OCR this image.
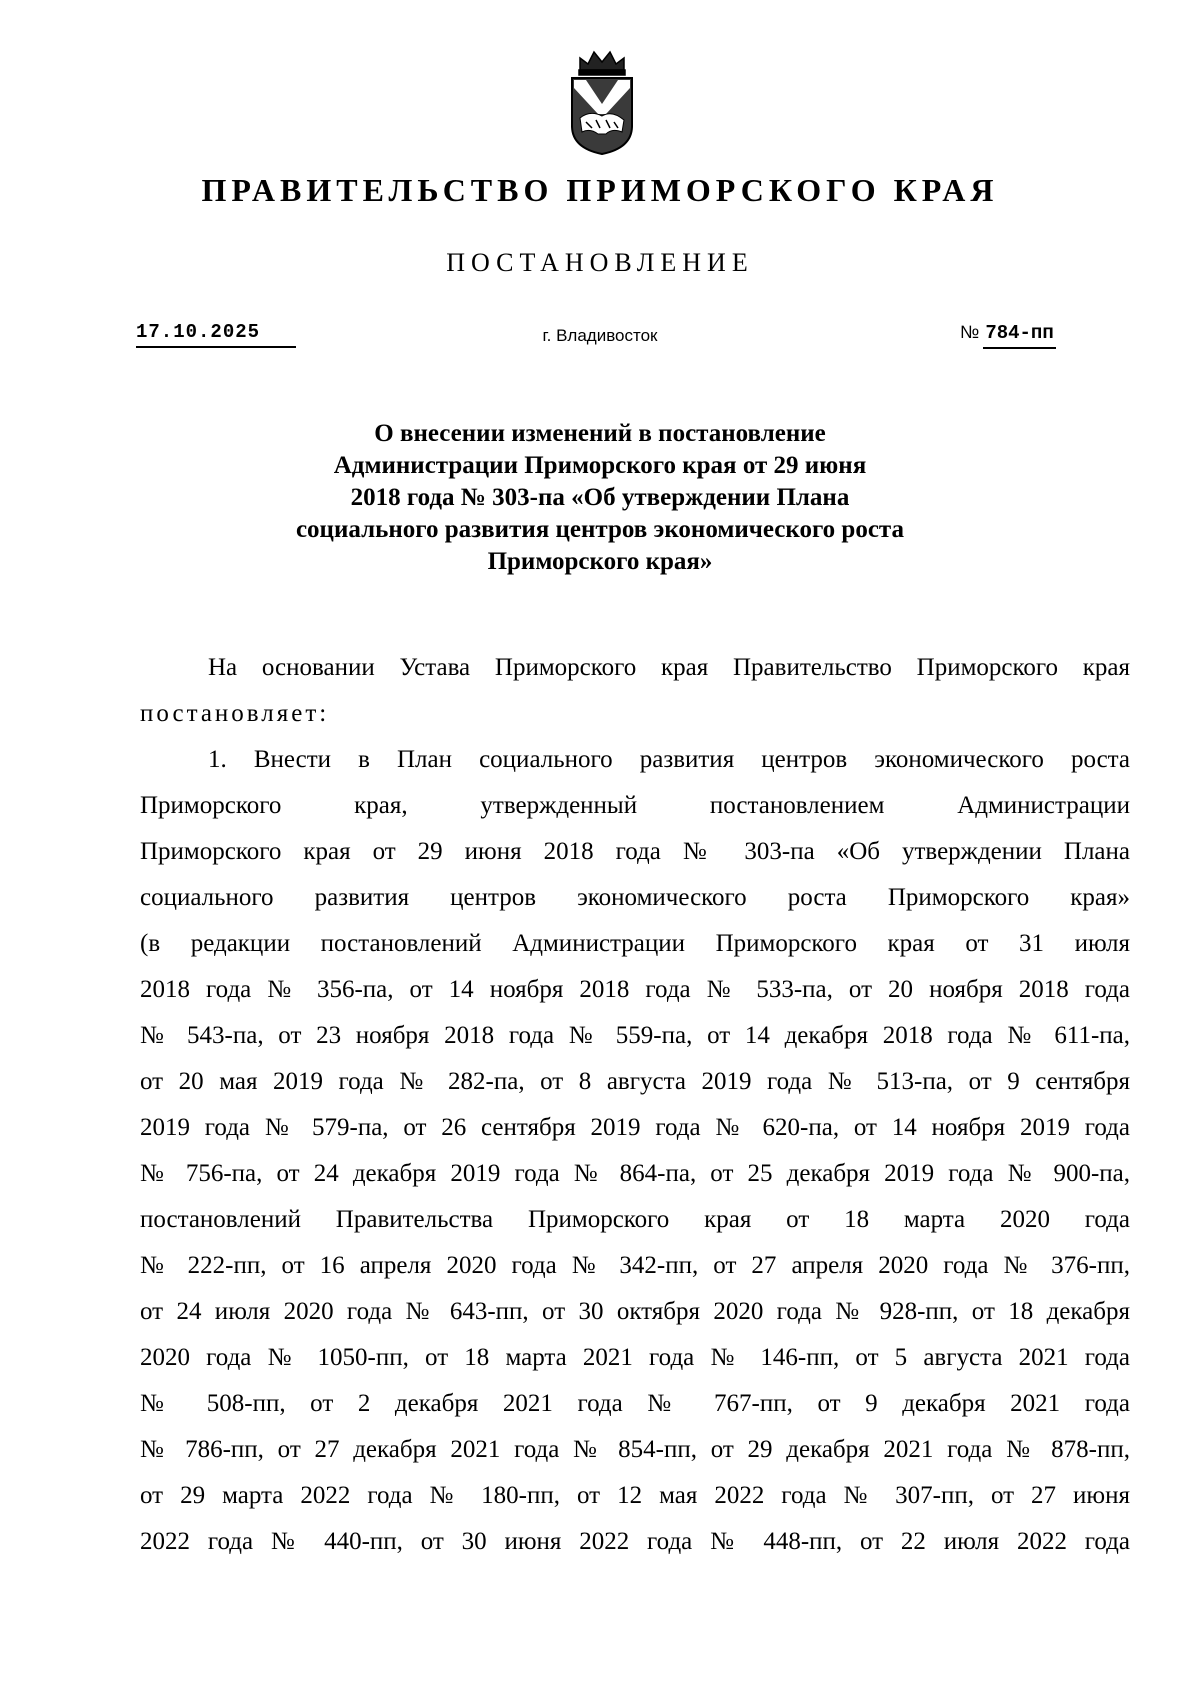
ПРАВИТЕЛЬСТВО ПРИМОРСКОГО КРАЯ
ПОСТАНОВЛЕНИЕ
17.10.2025	г. Владивосток	№ 784-пп
О внесении изменений в постановление
Администрации Приморского края от 29 июня
2018 года № 303-па «Об утверждении Плана
социального развития центров экономического роста
Приморского края»
На основании Устава Приморского края Правительство Приморского края
постановляет:
1. Внести в План социального развития центров экономического роста
Приморского края, утвержденный постановлением Администрации
Приморского края от 29 июня 2018 года № 303-па «Об утверждении Плана
социального развития центров экономического роста Приморского края»
(в редакции постановлений Администрации Приморского края от 31 июля
2018 года № 356-па, от 14 ноября 2018 года № 533-па, от 20 ноября 2018 года
№ 543-па, от 23 ноября 2018 года № 559-па, от 14 декабря 2018 года № 611-па,
от 20 мая 2019 года № 282-па, от 8 августа 2019 года № 513-па, от 9 сентября
2019 года № 579-па, от 26 сентября 2019 года № 620-па, от 14 ноября 2019 года
№ 756-па, от 24 декабря 2019 года № 864-па, от 25 декабря 2019 года № 900-па,
постановлений Правительства Приморского края от 18 марта 2020 года
№ 222-пп, от 16 апреля 2020 года № 342-пп, от 27 апреля 2020 года № 376-пп,
от 24 июля 2020 года № 643-пп, от 30 октября 2020 года № 928-пп, от 18 декабря
2020 года № 1050-пп, от 18 марта 2021 года № 146-пп, от 5 августа 2021 года
№ 508-пп, от 2 декабря 2021 года № 767-пп, от 9 декабря 2021 года
№ 786-пп, от 27 декабря 2021 года № 854-пп, от 29 декабря 2021 года № 878-пп,
от 29 марта 2022 года № 180-пп, от 12 мая 2022 года № 307-пп, от 27 июня
2022 года № 440-пп, от 30 июня 2022 года № 448-пп, от 22 июля 2022 года
